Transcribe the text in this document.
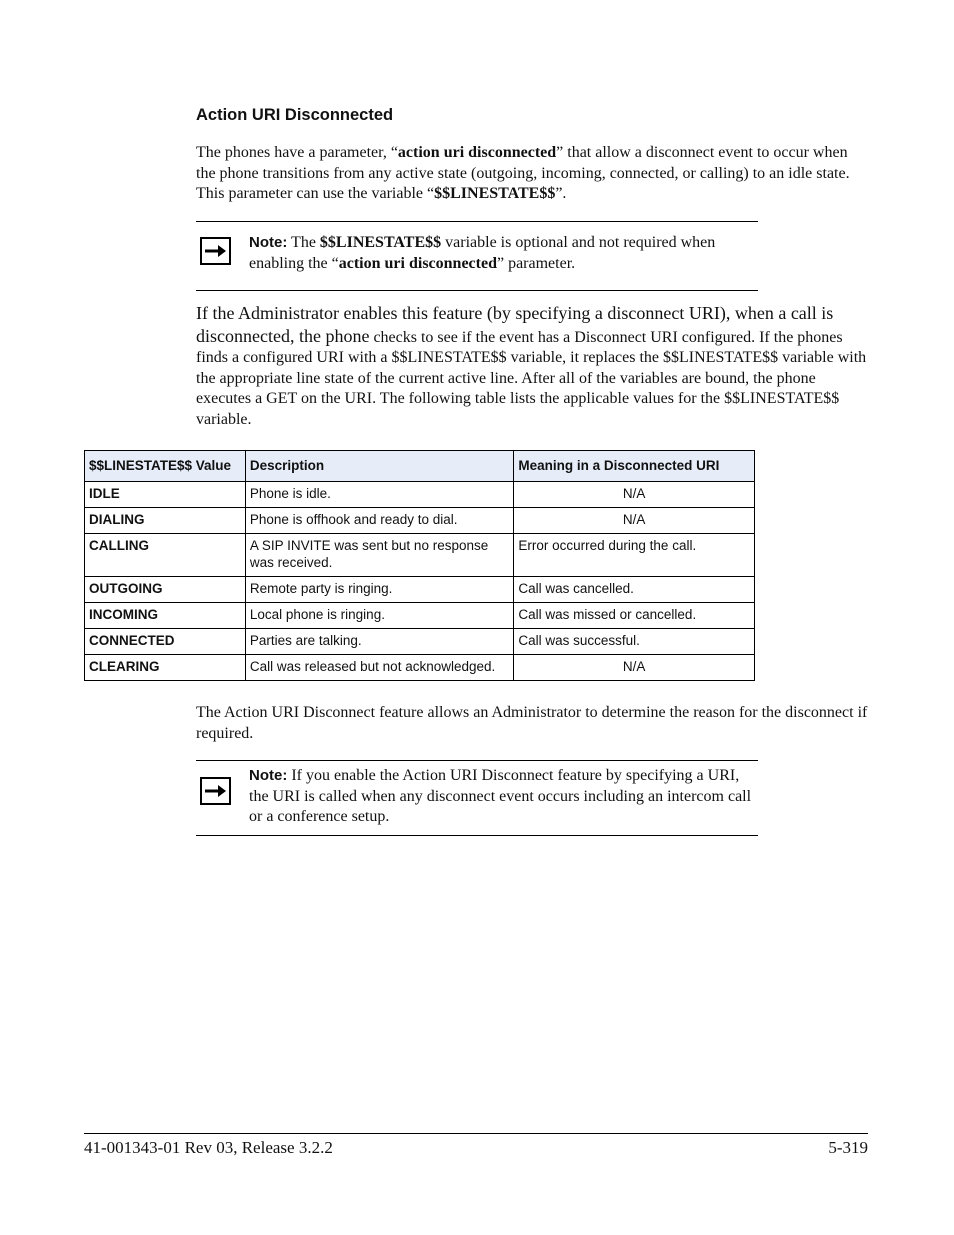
Action URI Disconnected

The phones have a parameter, “action uri disconnected” that allow a disconnect event to occur when the phone transitions from any active state (outgoing, incoming, connected, or calling) to an idle state. This parameter can use the variable “$$LINESTATE$$”.

Note: The $$LINESTATE$$ variable is optional and not required when enabling the “action uri disconnected” parameter.

If the Administrator enables this feature (by specifying a disconnect URI), when a call is disconnected, the phone checks to see if the event has a Disconnect URI configured. If the phones finds a configured URI with a $$LINESTATE$$ variable, it replaces the $$LINESTATE$$ variable with the appropriate line state of the current active line. After all of the variables are bound, the phone executes a GET on the URI. The following table lists the applicable values for the $$LINESTATE$$ variable.

$$LINESTATE$$ Value	Description	Meaning in a Disconnected URI
IDLE	Phone is idle.	N/A
DIALING	Phone is offhook and ready to dial.	N/A
CALLING	A SIP INVITE was sent but no response was received.	Error occurred during the call.
OUTGOING	Remote party is ringing.	Call was cancelled.
INCOMING	Local phone is ringing.	Call was missed or cancelled.
CONNECTED	Parties are talking.	Call was successful.
CLEARING	Call was released but not acknowledged.	N/A

The Action URI Disconnect feature allows an Administrator to determine the reason for the disconnect if required.

Note: If you enable the Action URI Disconnect feature by specifying a URI, the URI is called when any disconnect event occurs including an intercom call or a conference setup.
41-001343-01 Rev 03, Release 3.2.2	5-319
